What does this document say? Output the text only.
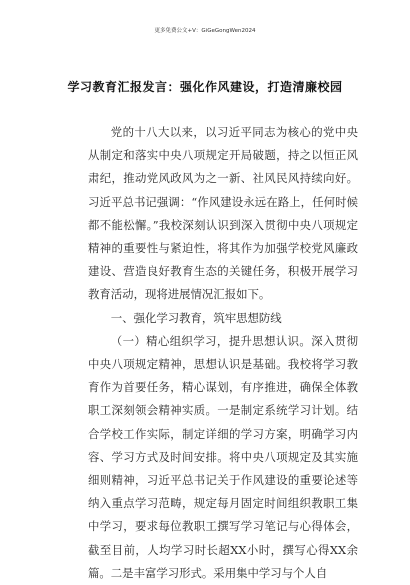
更多免费公文+V：GiGeGongWen2024
学习教育汇报发言：强化作风建设，打造清廉校园

党的十八大以来，以习近平同志为核心的党中央从制定和落实中央八项规定开局破题，持之以恒正风肃纪，推动党风政风为之一新、社风民风持续向好。习近平总书记强调：“作风建设永远在路上，任何时候都不能松懈。”我校深刻认识到深入贯彻中央八项规定精神的重要性与紧迫性，将其作为加强学校党风廉政建设、营造良好教育生态的关键任务，积极开展学习教育活动，现将进展情况汇报如下。

一、强化学习教育，筑牢思想防线

（一）精心组织学习，提升思想认识。深入贯彻中央八项规定精神，思想认识是基础。我校将学习教育作为首要任务，精心谋划，有序推进，确保全体教职工深刻领会精神实质。一是制定系统学习计划。结合学校工作实际，制定详细的学习方案，明确学习内容、学习方式及时间安排。将中央八项规定及其实施细则精神，习近平总书记关于作风建设的重要论述等纳入重点学习范畴，规定每月固定时间组织教职工集中学习，要求每位教职工撰写学习笔记与心得体会，截至目前，人均学习时长超XX小时，撰写心得XX余篇。二是丰富学习形式。采用集中学习与个人自
